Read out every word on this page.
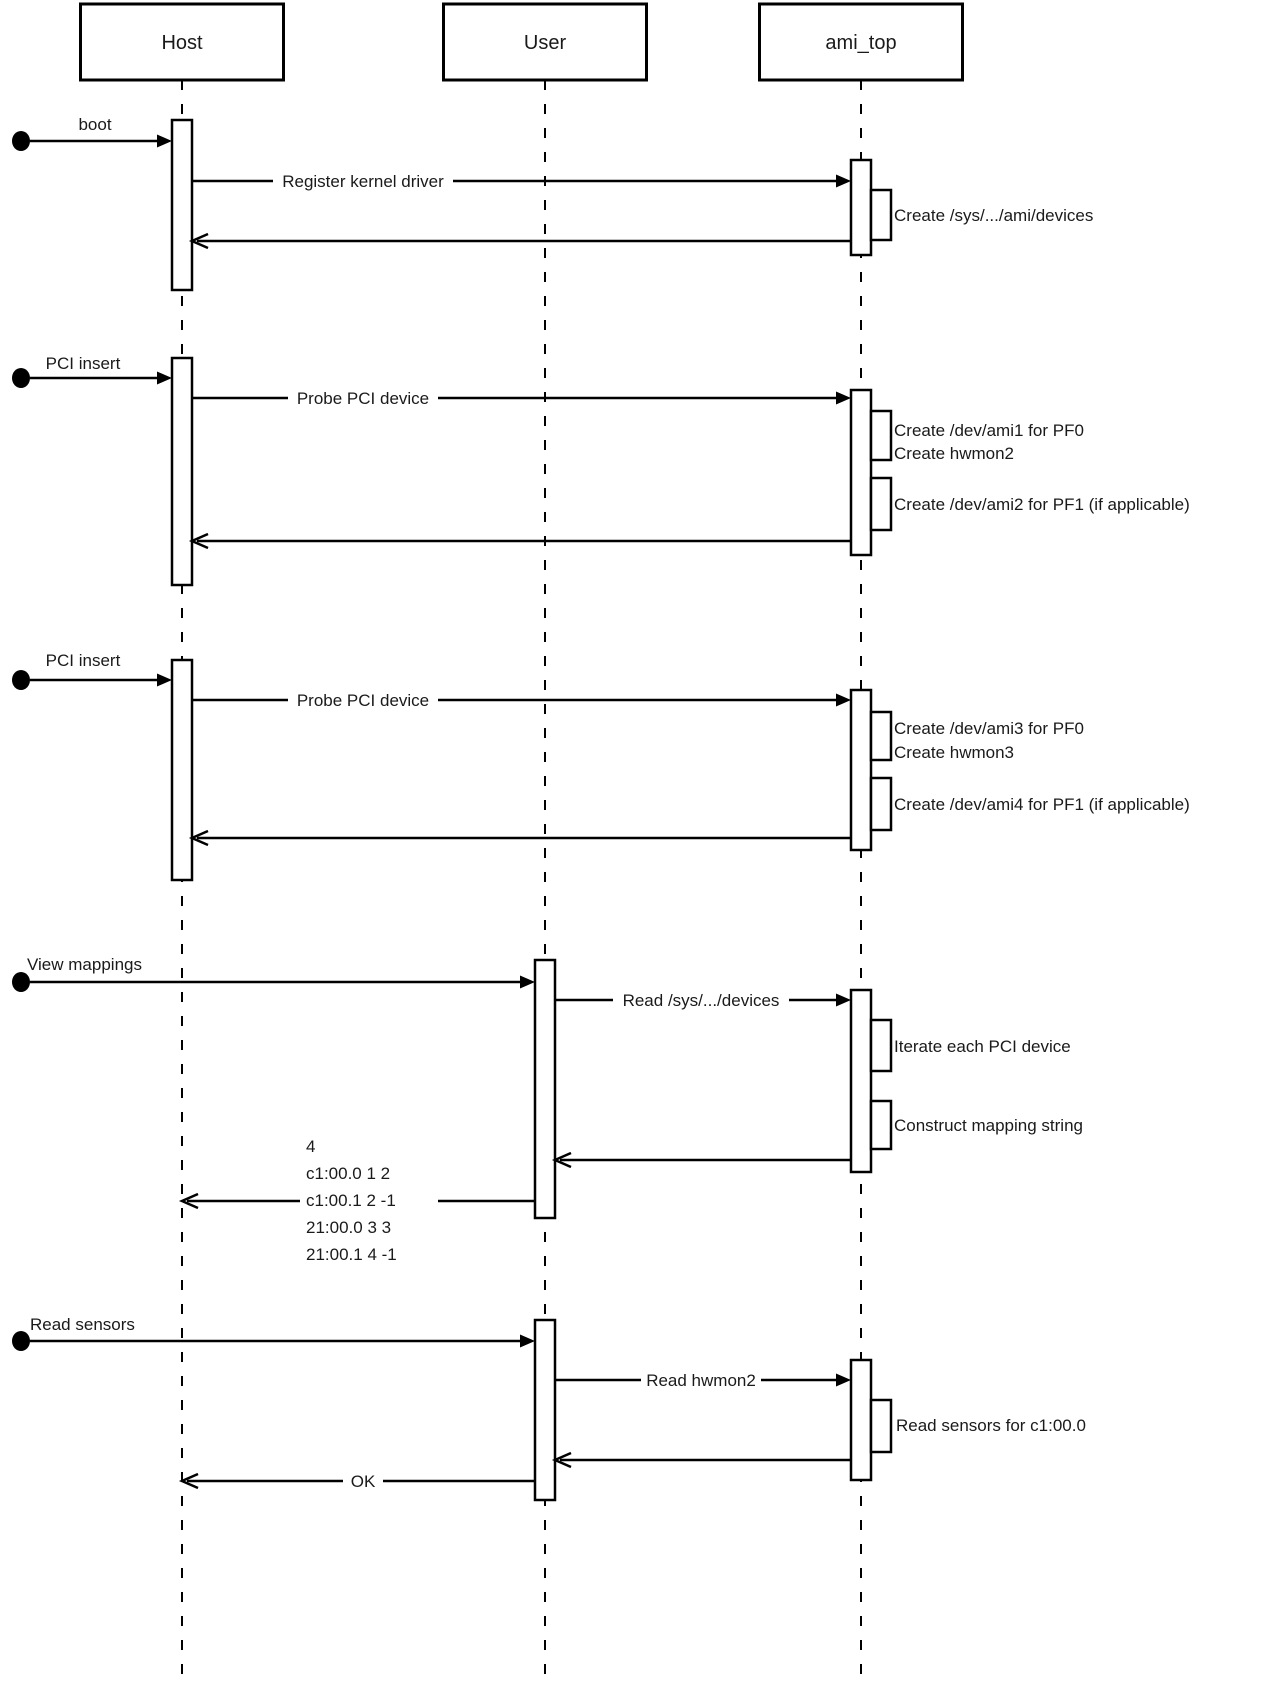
Host	User	ami_top
boot
Register kernel driver
Create /sys/.../ami/devices
PCI insert
Probe PCI device
Create /dev/ami1 for PF0
Create hwmon2
Create /dev/ami2 for PF1 (if applicable)
PCI insert
Probe PCI device
Create /dev/ami3 for PF0
Create hwmon3
Create /dev/ami4 for PF1 (if applicable)
View mappings
Read /sys/.../devices
Iterate each PCI device
Construct mapping string
4
c1:00.0 1 2
c1:00.1 2 -1
21:00.0 3 3
21:00.1 4 -1
Read sensors
Read hwmon2
Read sensors for c1:00.0
OK
